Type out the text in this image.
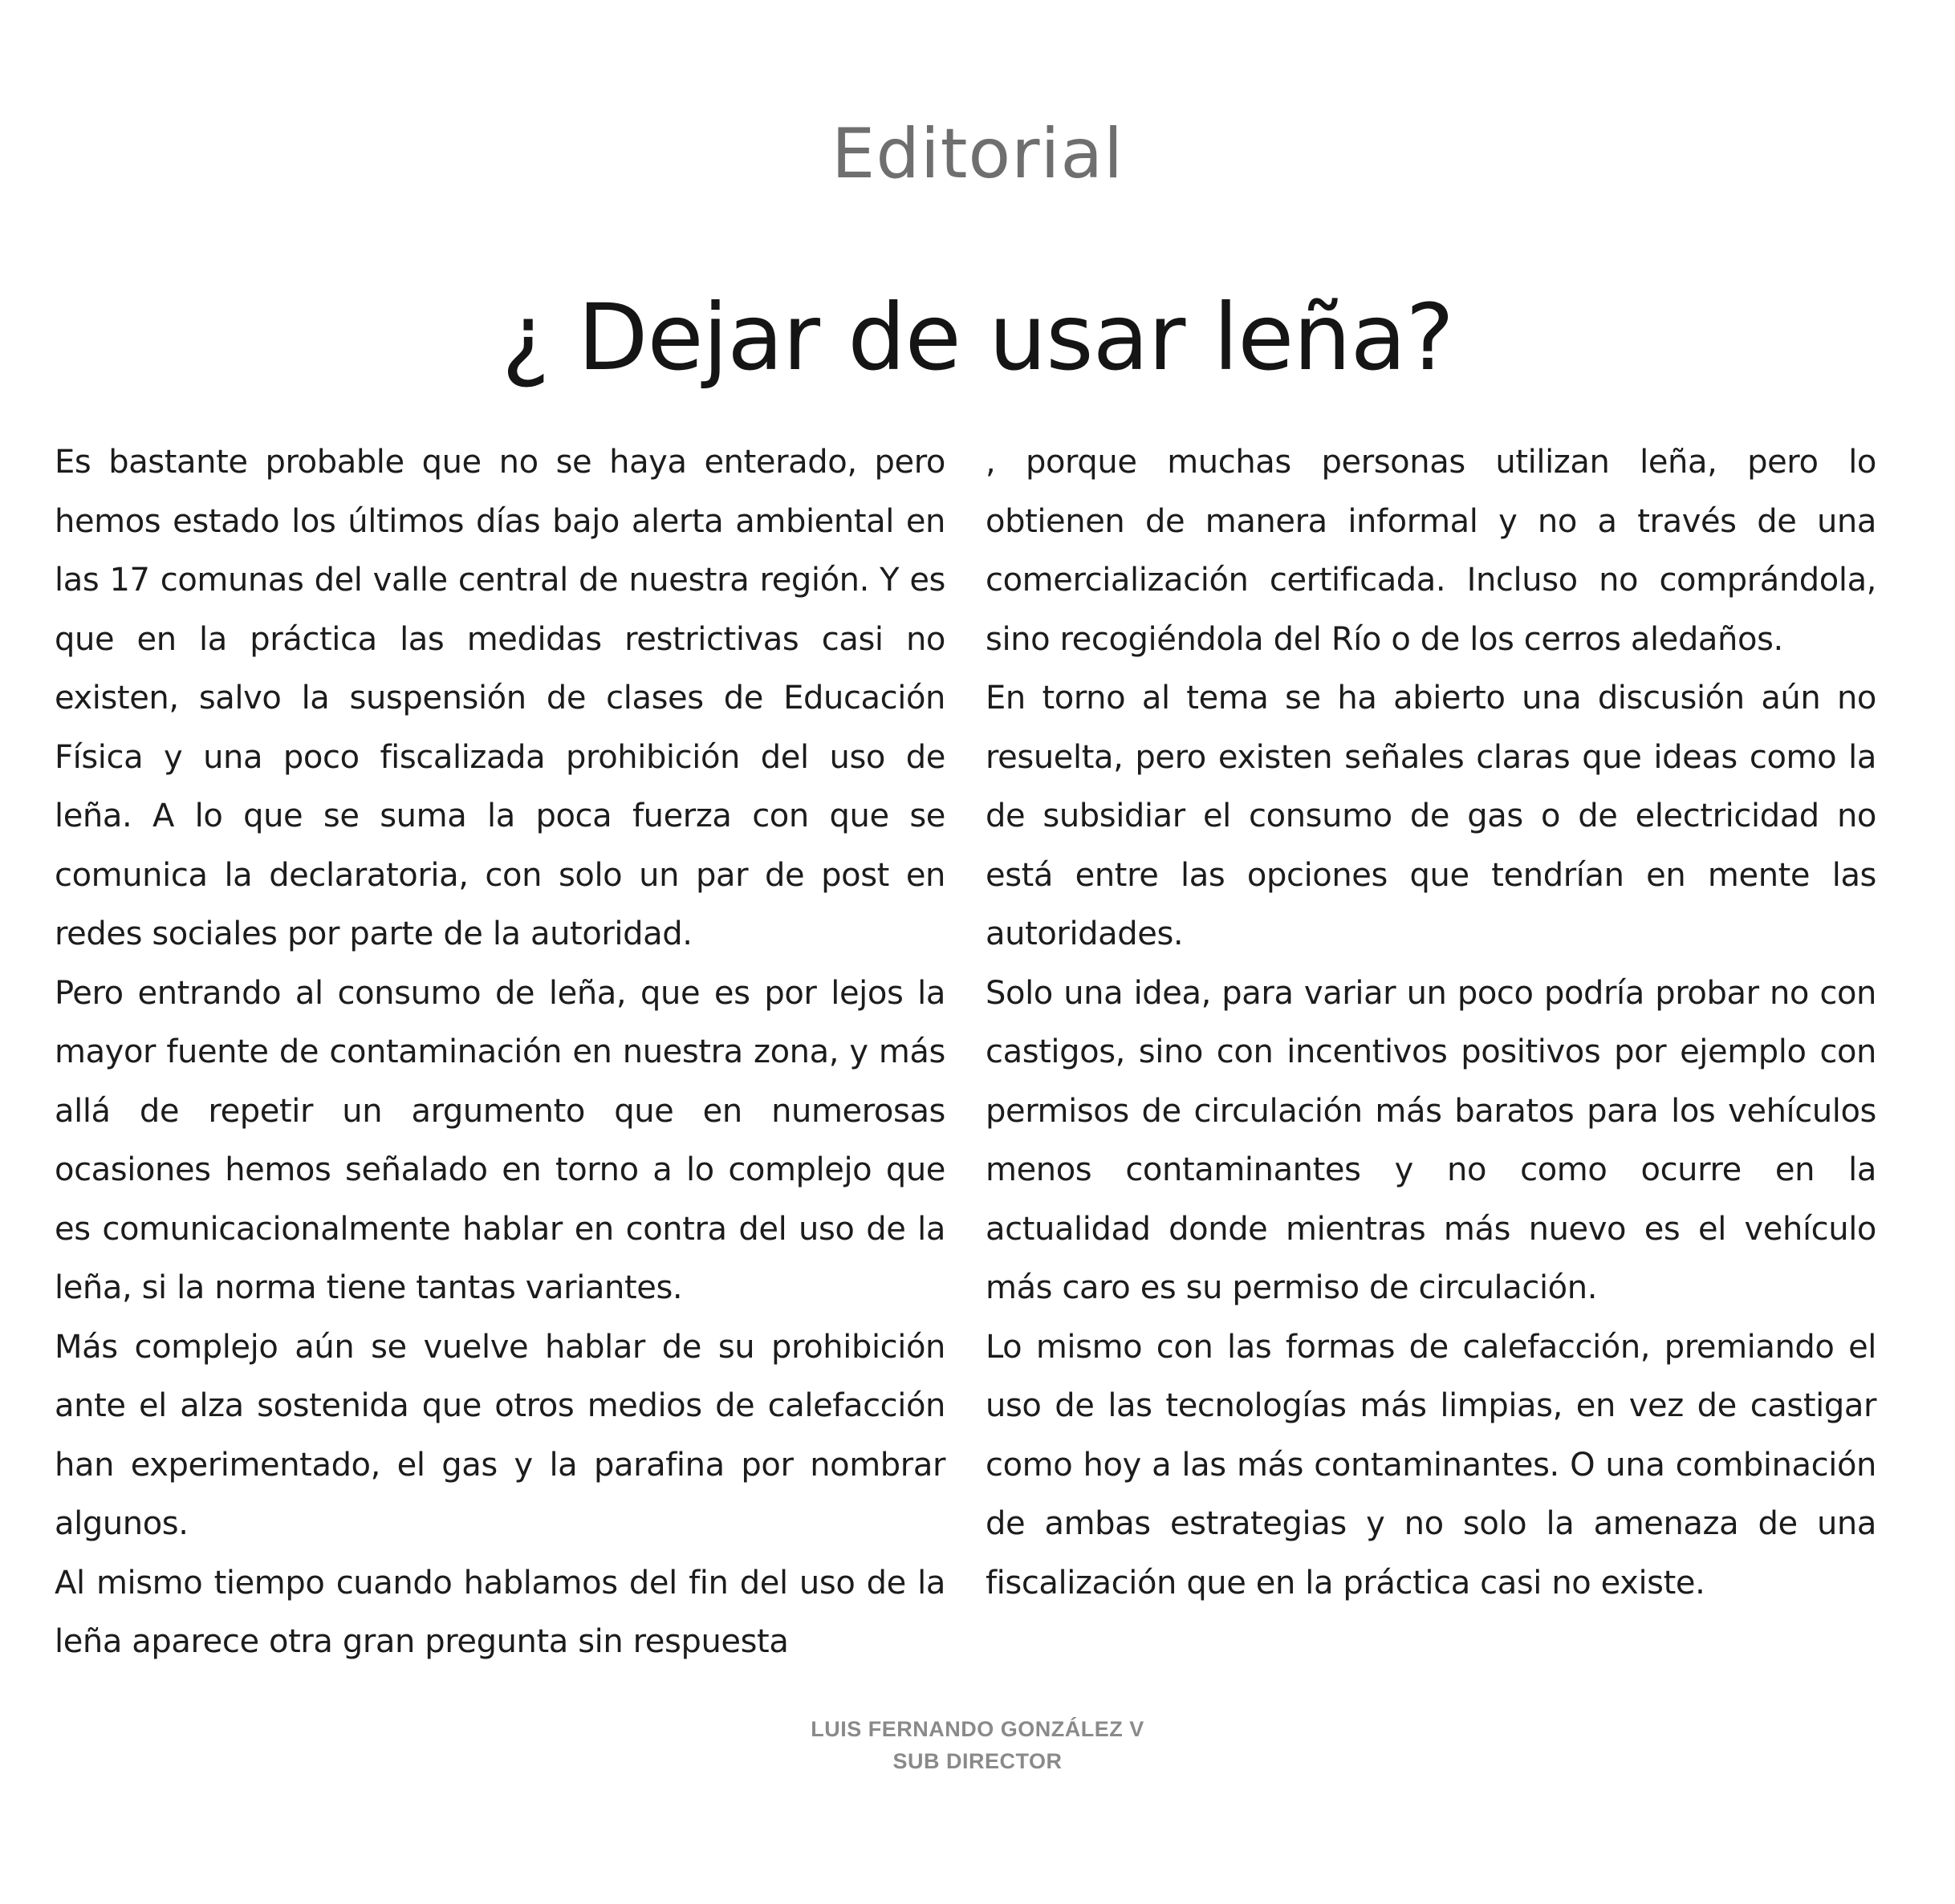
Editorial
¿ Dejar de usar leña?

Es bastante probable que no se haya enterado, pero hemos estado los últimos días bajo alerta ambiental en las 17 comunas del valle central de nuestra región. Y es que en la práctica las medidas restrictivas casi no existen, salvo la suspensión de clases de Educación Física y una poco fiscalizada prohibición del uso de leña. A lo que se suma la poca fuerza con que se comunica la declaratoria, con solo un par de post en redes sociales por parte de la autoridad.

Pero entrando al consumo de leña, que es por lejos la mayor fuente de contaminación en nuestra zona, y más allá de repetir un argumento que en numerosas ocasiones hemos señalado en torno a lo complejo que es comunicacionalmente hablar en contra del uso de la leña, si la norma tiene tantas variantes.

Más complejo aún se vuelve hablar de su prohibición ante el alza sostenida que otros medios de calefacción han experimentado, el gas y la parafina por nombrar algunos.

Al mismo tiempo cuando hablamos del fin del uso de la leña aparece otra gran pregunta sin respuesta

, porque muchas personas utilizan leña, pero lo obtienen de manera informal y no a través de una comercialización certificada. Incluso no comprándola, sino recogiéndola del Río o de los cerros aledaños.

En torno al tema se ha abierto una discusión aún no resuelta, pero existen señales claras que ideas como la de subsidiar el consumo de gas o de electricidad no está entre las opciones que tendrían en mente las autoridades.

Solo una idea, para variar un poco podría probar no con castigos, sino con incentivos positivos por ejemplo con permisos de circulación más baratos para los vehículos menos contaminantes y no como ocurre en la actualidad donde mientras más nuevo es el vehículo más caro es su permiso de circulación.

Lo mismo con las formas de calefacción, premiando el uso de las tecnologías más limpias, en vez de castigar como hoy a las más contaminantes. O una combinación de ambas estrategias y no solo la amenaza de una fiscalización que en la práctica casi no existe.

LUIS FERNANDO GONZÁLEZ V
SUB DIRECTOR
